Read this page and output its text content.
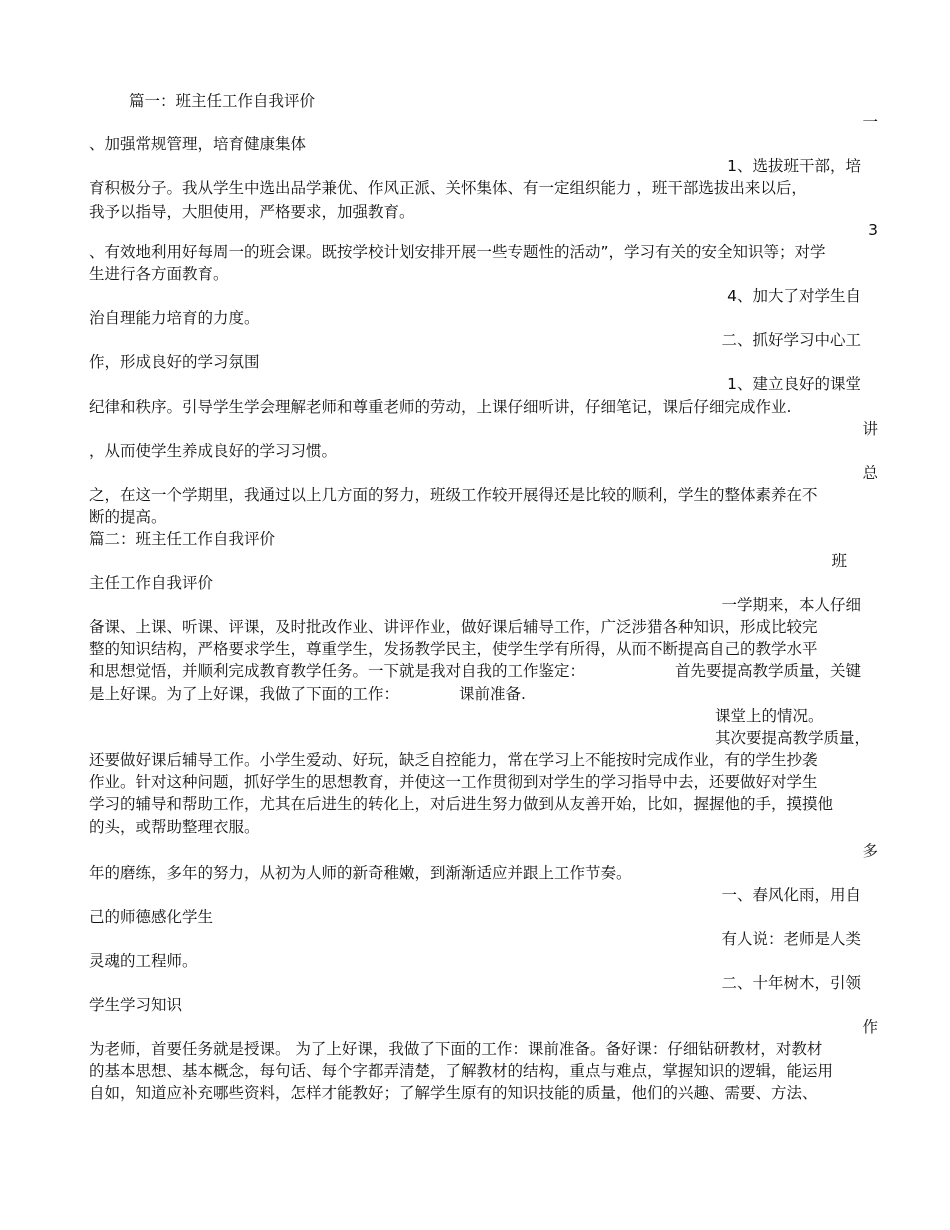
篇一：班主任工作自我评价
一
、加强常规管理，培育健康集体
1、选拔班干部，培
育积极分子。我从学生中选出品学兼优、作风正派、关怀集体、有一定组织能力 ，班干部选拔出来以后，
我予以指导，大胆使用，严格要求，加强教育。
3
、有效地利用好每周一的班会课。既按学校计划安排开展一些专题性的活动”，学习有关的安全知识等；对学
生进行各方面教育。
4、加大了对学生自
治自理能力培育的力度。
二、抓好学习中心工
作，形成良好的学习氛围
1、建立良好的课堂
纪律和秩序。引导学生学会理解老师和尊重老师的劳动，上课仔细听讲，仔细笔记，课后仔细完成作业.
讲
，从而使学生养成良好的学习习惯。
总
之，在这一个学期里，我通过以上几方面的努力，班级工作较开展得还是比较的顺利，学生的整体素养在不
断的提高。
篇二：班主任工作自我评价
班
主任工作自我评价
一学期来，本人仔细
备课、上课、听课、评课，及时批改作业、讲评作业，做好课后辅导工作，广泛涉猎各种知识，形成比较完
整的知识结构，严格要求学生，尊重学生，发扬教学民主，使学生学有所得，从而不断提高自己的教学水平
和思想觉悟，并顺利完成教育教学任务。一下就是我对自我的工作鉴定：	首先要提高教学质量，关键
是上好课。为了上好课，我做了下面的工作：	课前准备.
课堂上的情况。
其次要提高教学质量，
还要做好课后辅导工作。小学生爱动、好玩，缺乏自控能力，常在学习上不能按时完成作业，有的学生抄袭
作业。针对这种问题，抓好学生的思想教育，并使这一工作贯彻到对学生的学习指导中去，还要做好对学生
学习的辅导和帮助工作，尤其在后进生的转化上，对后进生努力做到从友善开始，比如，握握他的手，摸摸他
的头，或帮助整理衣服。
多
年的磨练，多年的努力，从初为人师的新奇稚嫩，到渐渐适应并跟上工作节奏。
一、春风化雨，用自
己的师德感化学生
有人说：老师是人类
灵魂的工程师。
二、十年树木，引领
学生学习知识
作
为老师，首要任务就是授课。 为了上好课，我做了下面的工作：课前准备。备好课：仔细钻研教材，对教材
的基本思想、基本概念，每句话、每个字都弄清楚，了解教材的结构，重点与难点，掌握知识的逻辑，能运用
自如，知道应补充哪些资料，怎样才能教好；了解学生原有的知识技能的质量，他们的兴趣、需要、方法、
